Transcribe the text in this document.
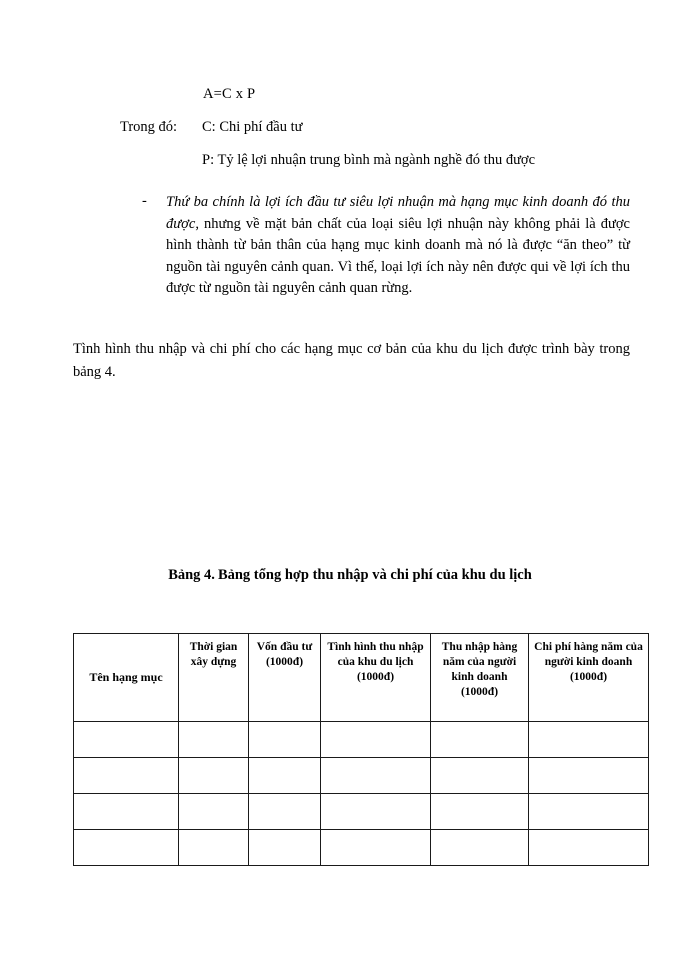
A=C x P
Trong đó: C: Chi phí đầu tư
P: Tỷ lệ lợi nhuận trung bình mà ngành nghề đó thu được
- Thứ ba chính là lợi ích đầu tư siêu lợi nhuận mà hạng mục kinh doanh đó thu được, nhưng về mặt bản chất của loại siêu lợi nhuận này không phải là được hình thành từ bản thân của hạng mục kinh doanh mà nó là được “ăn theo” từ nguồn tài nguyên cảnh quan. Vì thế, loại lợi ích này nên được qui về lợi ích thu được từ nguồn tài nguyên cảnh quan rừng.
Tình hình thu nhập và chi phí cho các hạng mục cơ bản của khu du lịch được trình bày trong bảng 4.
Bảng 4. Bảng tổng hợp thu nhập và chi phí của khu du lịch
Tên hạng mục	Thời gian xây dựng	Vốn đầu tư (1000đ)	Tình hình thu nhập của khu du lịch (1000đ)	Thu nhập hàng năm của người kinh doanh (1000đ)	Chi phí hàng năm của người kinh doanh (1000đ)
